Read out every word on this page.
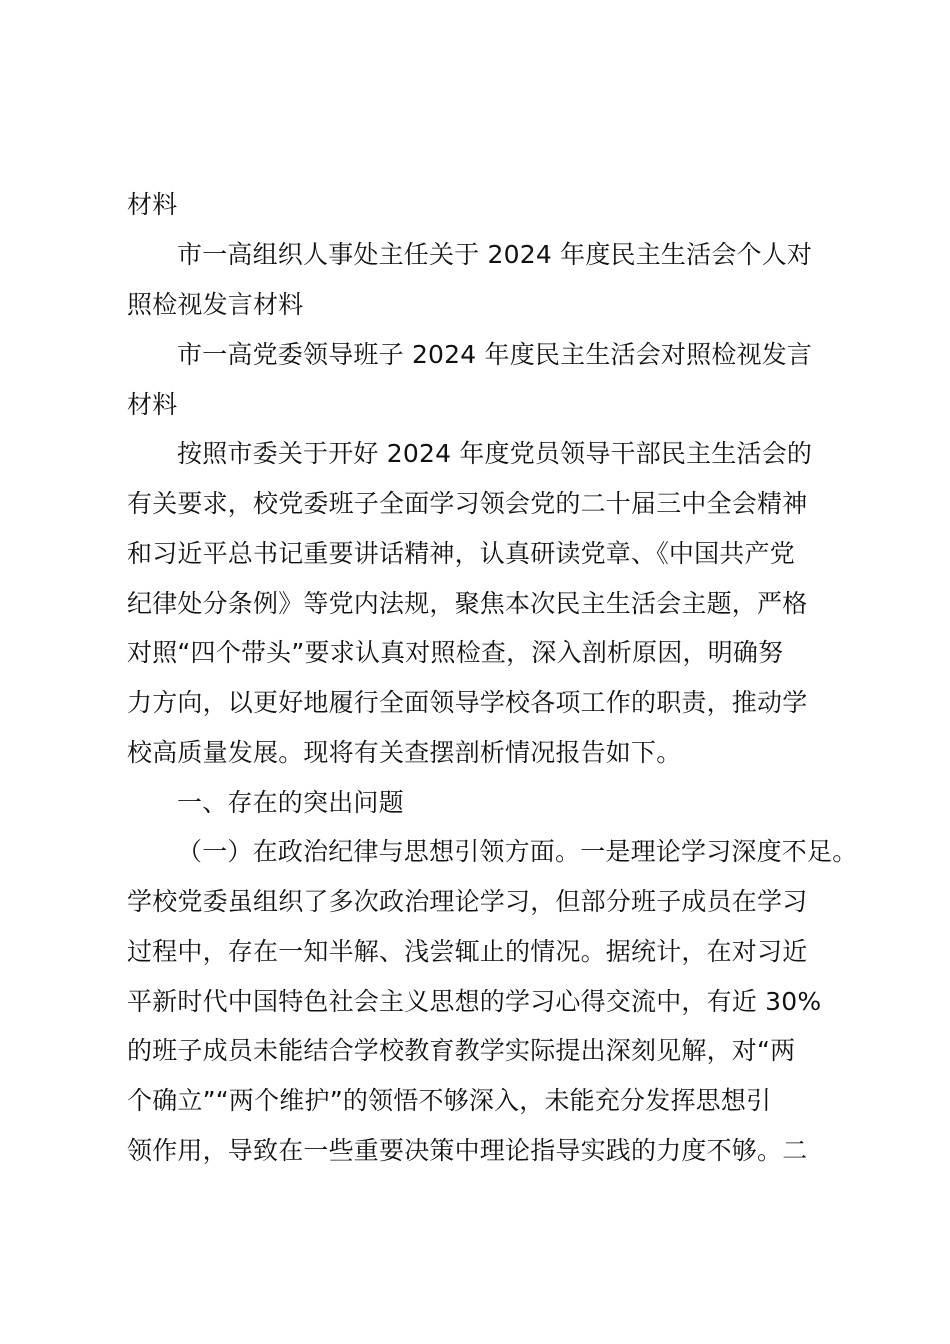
材料
市一高组织人事处主任关于 2024 年度民主生活会个人对
照检视发言材料
市一高党委领导班子 2024 年度民主生活会对照检视发言
材料
按照市委关于开好 2024 年度党员领导干部民主生活会的
有关要求，校党委班子全面学习领会党的二十届三中全会精神
和习近平总书记重要讲话精神，认真研读党章、《中国共产党
纪律处分条例》等党内法规，聚焦本次民主生活会主题，严格
对照“四个带头”要求认真对照检查，深入剖析原因，明确努
力方向，以更好地履行全面领导学校各项工作的职责，推动学
校高质量发展。现将有关查摆剖析情况报告如下。
一、存在的突出问题
（一）在政治纪律与思想引领方面。一是理论学习深度不足。
学校党委虽组织了多次政治理论学习，但部分班子成员在学习
过程中，存在一知半解、浅尝辄止的情况。据统计，在对习近
平新时代中国特色社会主义思想的学习心得交流中，有近 30%
的班子成员未能结合学校教育教学实际提出深刻见解，对“两
个确立”“两个维护”的领悟不够深入，未能充分发挥思想引
领作用，导致在一些重要决策中理论指导实践的力度不够。二
